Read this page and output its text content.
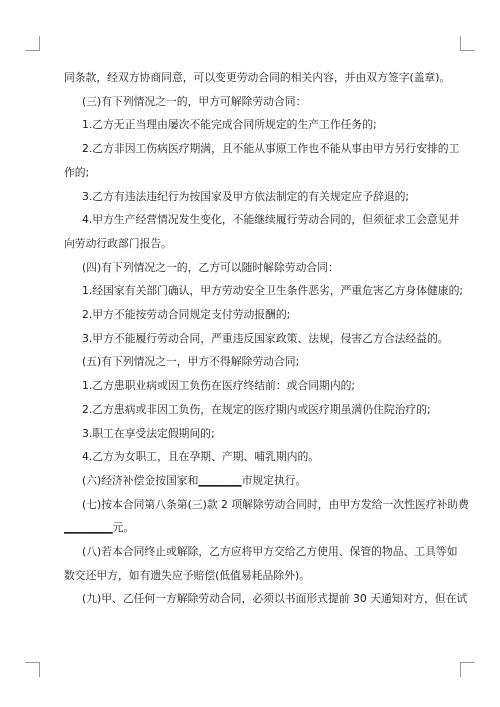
同条款，经双方协商同意，可以变更劳动合同的相关内容，并由双方签字(盖章)。

(三)有下列情况之一的，甲方可解除劳动合同：

1.乙方无正当理由屡次不能完成合同所规定的生产工作任务的;

2.乙方非因工伤病医疗期满，且不能从事原工作也不能从事由甲方另行安排的工

作的;

3.乙方有违法违纪行为按国家及甲方依法制定的有关规定应予辞退的;

4.甲方生产经营情况发生变化，不能继续履行劳动合同的，但须征求工会意见并

向劳动行政部门报告。

(四)有下列情况之一的，乙方可以随时解除劳动合同：

1.经国家有关部门确认，甲方劳动安全卫生条件恶劣，严重危害乙方身体健康的;

2.甲方不能按劳动合同规定支付劳动报酬的;

3.甲方不能履行劳动合同，严重违反国家政策、法规，侵害乙方合法经益的。

(五)有下列情况之一，甲方不得解除劳动合同;

1.乙方患职业病或因工负伤在医疗终结前：或合同期内的;

2.乙方患病或非因工负伤，在规定的医疗期内或医疗期虽满仍住院治疗的;

3.职工在享受法定假期间的;

4.乙方为女职工，且在孕期、产期、哺乳期内的。

(六)经济补偿金按国家和________市规定执行。

(七)按本合同第八条第(三)款 2 项解除劳动合同时，由甲方发给一次性医疗补助费

_________元。

(八)若本合同终止或解除，乙方应将甲方交给乙方使用、保管的物品、工具等如

数交还甲方，如有遗失应予赔偿(低值易耗品除外)。

(九)甲、乙任何一方解除劳动合同，必须以书面形式提前 30 天通知对方，但在试
